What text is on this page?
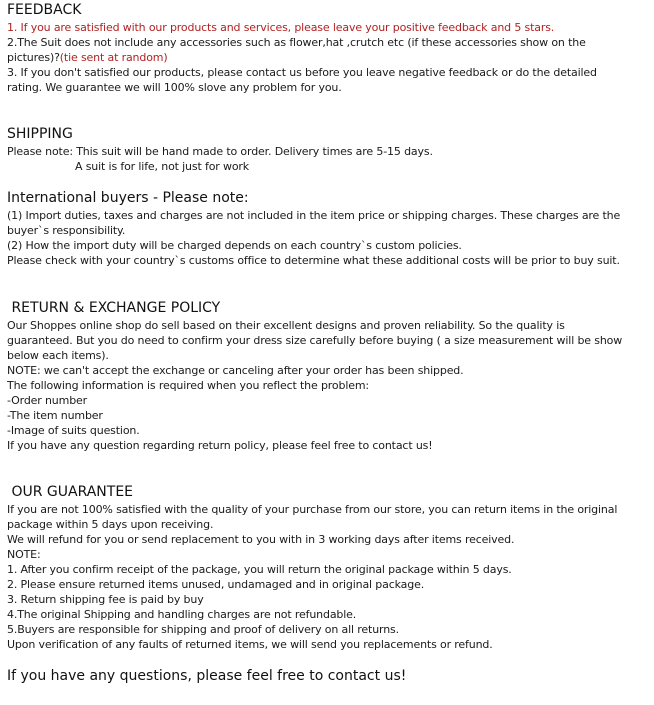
FEEDBACK

1. If you are satisfied with our products and services, please leave your positive feedback and 5 stars.

2.The Suit does not include any accessories such as flower,hat ,crutch etc (if these accessories show on the

pictures)?(tie sent at random)

3. If you don't satisfied our products, please contact us before you leave negative feedback or do the detailed

rating. We guarantee we will 100% slove any problem for you.

SHIPPING

Please note: This suit will be hand made to order. Delivery times are 5-15 days.

A suit is for life, not just for work

International buyers - Please note:

(1) Import duties, taxes and charges are not included in the item price or shipping charges. These charges are the

buyer`s responsibility.

(2) How the import duty will be charged depends on each country`s custom policies.

Please check with your country`s customs office to determine what these additional costs will be prior to buy suit.

RETURN & EXCHANGE POLICY

Our Shoppes online shop do sell based on their excellent designs and proven reliability. So the quality is

guaranteed. But you do need to confirm your dress size carefully before buying ( a size measurement will be show

below each items).

NOTE: we can't accept the exchange or canceling after your order has been shipped.

The following information is required when you reflect the problem:

-Order number

-The item number

-Image of suits question.

If you have any question regarding return policy, please feel free to contact us!

OUR GUARANTEE

If you are not 100% satisfied with the quality of your purchase from our store, you can return items in the original

package within 5 days upon receiving.

We will refund for you or send replacement to you with in 3 working days after items received.

NOTE:

1. After you confirm receipt of the package, you will return the original package within 5 days.

2. Please ensure returned items unused, undamaged and in original package.

3. Return shipping fee is paid by buy

4.The original Shipping and handling charges are not refundable.

5.Buyers are responsible for shipping and proof of delivery on all returns.

Upon verification of any faults of returned items, we will send you replacements or refund.

If you have any questions, please feel free to contact us!
